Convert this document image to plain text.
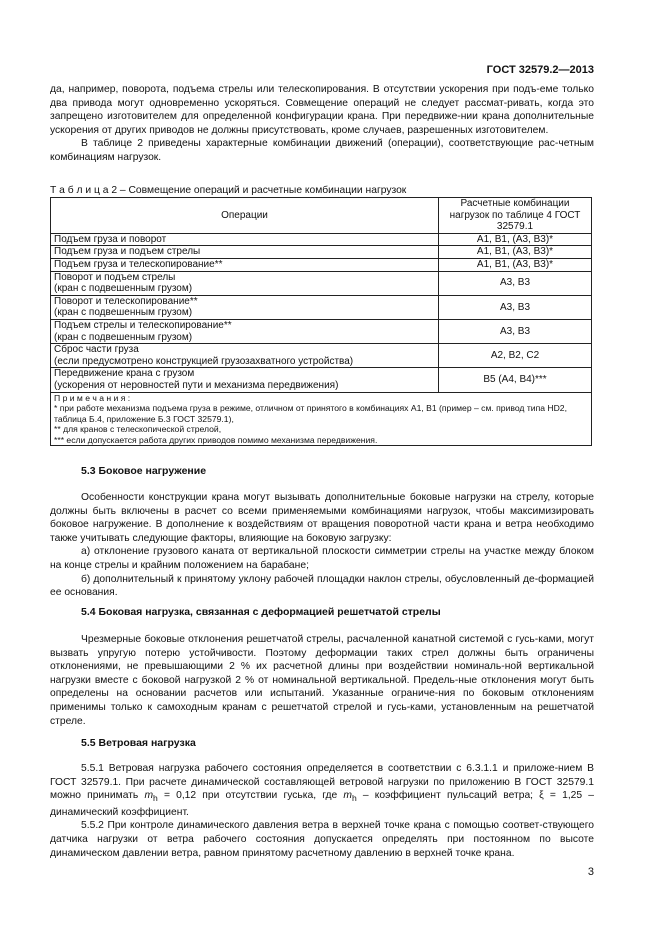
ГОСТ 32579.2—2013

да, например, поворота, подъема стрелы или телескопирования. В отсутствии ускорения при подъ-еме только два привода могут одновременно ускоряться. Совмещение операций не следует рассмат-ривать, когда это запрещено изготовителем для определенной конфигурации крана. При передвиже-нии крана дополнительные ускорения от других приводов не должны присутствовать, кроме случаев, разрешенных изготовителем.

В таблице 2 приведены характерные комбинации движений (операции), соответствующие рас-четным комбинациям нагрузок.

Т а б л и ц а 2 – Совмещение операций и расчетные комбинации нагрузок
Операции	Расчетные комбинации нагрузок по таблице 4 ГОСТ 32579.1
Подъем груза и поворот	А1, В1, (А3, В3)*
Подъем груза и подъем стрелы	А1, В1, (А3, В3)*
Подъем груза и телескопирование**	А1, В1, (А3, В3)*
Поворот и подъем стрелы
(кран с подвешенным грузом)	А3, В3
Поворот и телескопирование**
(кран с подвешенным грузом)	А3, В3
Подъем стрелы и телескопирование**
(кран с подвешенным грузом)	А3, В3
Сброс части груза
(если предусмотрено конструкцией грузозахватного устройства)	А2, В2, С2
Передвижение крана с грузом
(ускорения от неровностей пути и механизма передвижения)	В5 (А4, В4)***

П р и м е ч а н и я :
* при работе механизма подъема груза в режиме, отличном от принятого в комбинациях А1, В1 (пример – см. привод типа HD2, таблица Б.4, приложение Б.3 ГОСТ 32579.1),
** для кранов с телескопической стрелой,
*** если допускается работа других приводов помимо механизма передвижения.	
5.3 Боковое нагружение

Особенности конструкции крана могут вызывать дополнительные боковые нагрузки на стрелу, которые должны быть включены в расчет со всеми применяемыми комбинациями нагрузок, чтобы максимизировать боковое нагружение. В дополнение к воздействиям от вращения поворотной части крана и ветра необходимо также учитывать следующие факторы, влияющие на боковую загрузку:

а) отклонение грузового каната от вертикальной плоскости симметрии стрелы на участке между блоком на конце стрелы и крайним положением на барабане;

б) дополнительный к принятому уклону рабочей площадки наклон стрелы, обусловленный де-формацией ее основания.

5.4 Боковая нагрузка, связанная с деформацией решетчатой стрелы

Чрезмерные боковые отклонения решетчатой стрелы, расчаленной канатной системой с гусь-ками, могут вызвать упругую потерю устойчивости. Поэтому деформации таких стрел должны быть ограничены отклонениями, не превышающими 2 % их расчетной длины при воздействии номиналь-ной вертикальной нагрузки вместе с боковой нагрузкой 2 % от номинальной вертикальной. Предель-ные отклонения могут быть определены на основании расчетов или испытаний. Указанные ограниче-ния по боковым отклонениям применимы только к самоходным кранам с решетчатой стрелой и гусь-ками, установленным на решетчатой стреле.

5.5 Ветровая нагрузка

5.5.1 Ветровая нагрузка рабочего состояния определяется в соответствии с 6.3.1.1 и приложе-нием В ГОСТ 32579.1. При расчете динамической составляющей ветровой нагрузки по приложению В ГОСТ 32579.1 можно принимать $m_h = 0,12$ при отсутствии гуська, где $m_h$ – коэффициент пульсаций ветра; ξ = 1,25 – динамический коэффициент.

5.5.2 При контроле динамического давления ветра в верхней точке крана с помощью соответ-ствующего датчика нагрузки от ветра рабочего состояния допускается определять при постоянном по высоте динамическом давлении ветра, равном принятому расчетному давлению в верхней точке крана.

3
